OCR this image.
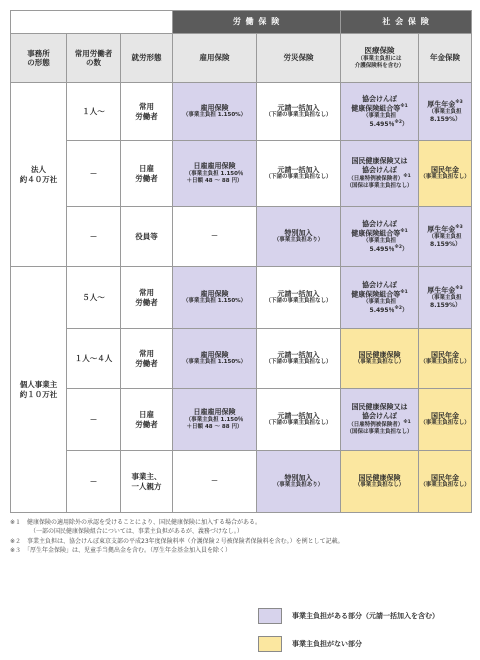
			労 働 保 険		社 会 保 険	

事務所
の形態	常用労働者
の数	就労形態	雇用保険	労災保険	医療保険
（事業主負担には
介護保険料を含む）	年金保険

法人
約４０万社	１人～	常用
労働者	雇用保険
（事業主負担 1.150%）	元請一括加入
（下請の事業主負担なし）	協会けんぽ
健康保険組合等$^{※1}$
（事業主負担
5.495％$^{※2}$）	厚生年金$^{※3}$
（事業主負担
8.159%）

	－	日雇
労働者	日雇雇用保険
（事業主負担 1.150％
＋日額 48 ～ 88 円）	元請一括加入
（下請の事業主負担なし）	国民健康保険又は
協会けんぽ
（日雇特例被保険者）$^{※1}$
（国保は事業主負担なし）	国民年金
（事業主負担なし）

	－	役員等	－	特別加入
（事業主負担あり）	協会けんぽ
健康保険組合等$^{※1}$
（事業主負担
5.495％$^{※2}$）	厚生年金$^{※3}$
（事業主負担
8.159%）

個人事業主
約１０万社	５人～	常用
労働者	雇用保険
（事業主負担 1.150%）	元請一括加入
（下請の事業主負担なし）	協会けんぽ
健康保険組合等$^{※1}$
（事業主負担
5.495％$^{※2}$）	厚生年金$^{※3}$
（事業主負担
8.159%）

	１人～４人	常用
労働者	雇用保険
（事業主負担 1.150%）	元請一括加入
（下請の事業主負担なし）	国民健康保険
（事業主負担なし）	国民年金
（事業主負担なし）

	－	日雇
労働者	日雇雇用保険
（事業主負担 1.150％
＋日額 48 ～ 88 円）	元請一括加入
（下請の事業主負担なし）	国民健康保険又は
協会けんぽ
（日雇特例被保険者）$^{※1}$
（国保は事業主負担なし）	国民年金
（事業主負担なし）

	－	事業主、
一人親方	－	特別加入
（事業主負担あり）	国民健康保険
（事業主負担なし）	国民年金
（事業主負担なし）
※１　健康保険の適用除外の承認を受けることにより、国民健康保険に加入する場合がある。
（一部の国民健康保険組合については、事業主負担があるが、義務づけなし。）
※２　事業主負担は、協会けんぽ東京支部の平成23年度保険料率（介護保険２号被保険者保険料を含む。）を例として記載。
※３　「厚生年金保険」は、児童手当拠出金を含む。（厚生年金基金加入員を除く）
事業主負担がある部分（元請一括加入を含む）
事業主負担がない部分
